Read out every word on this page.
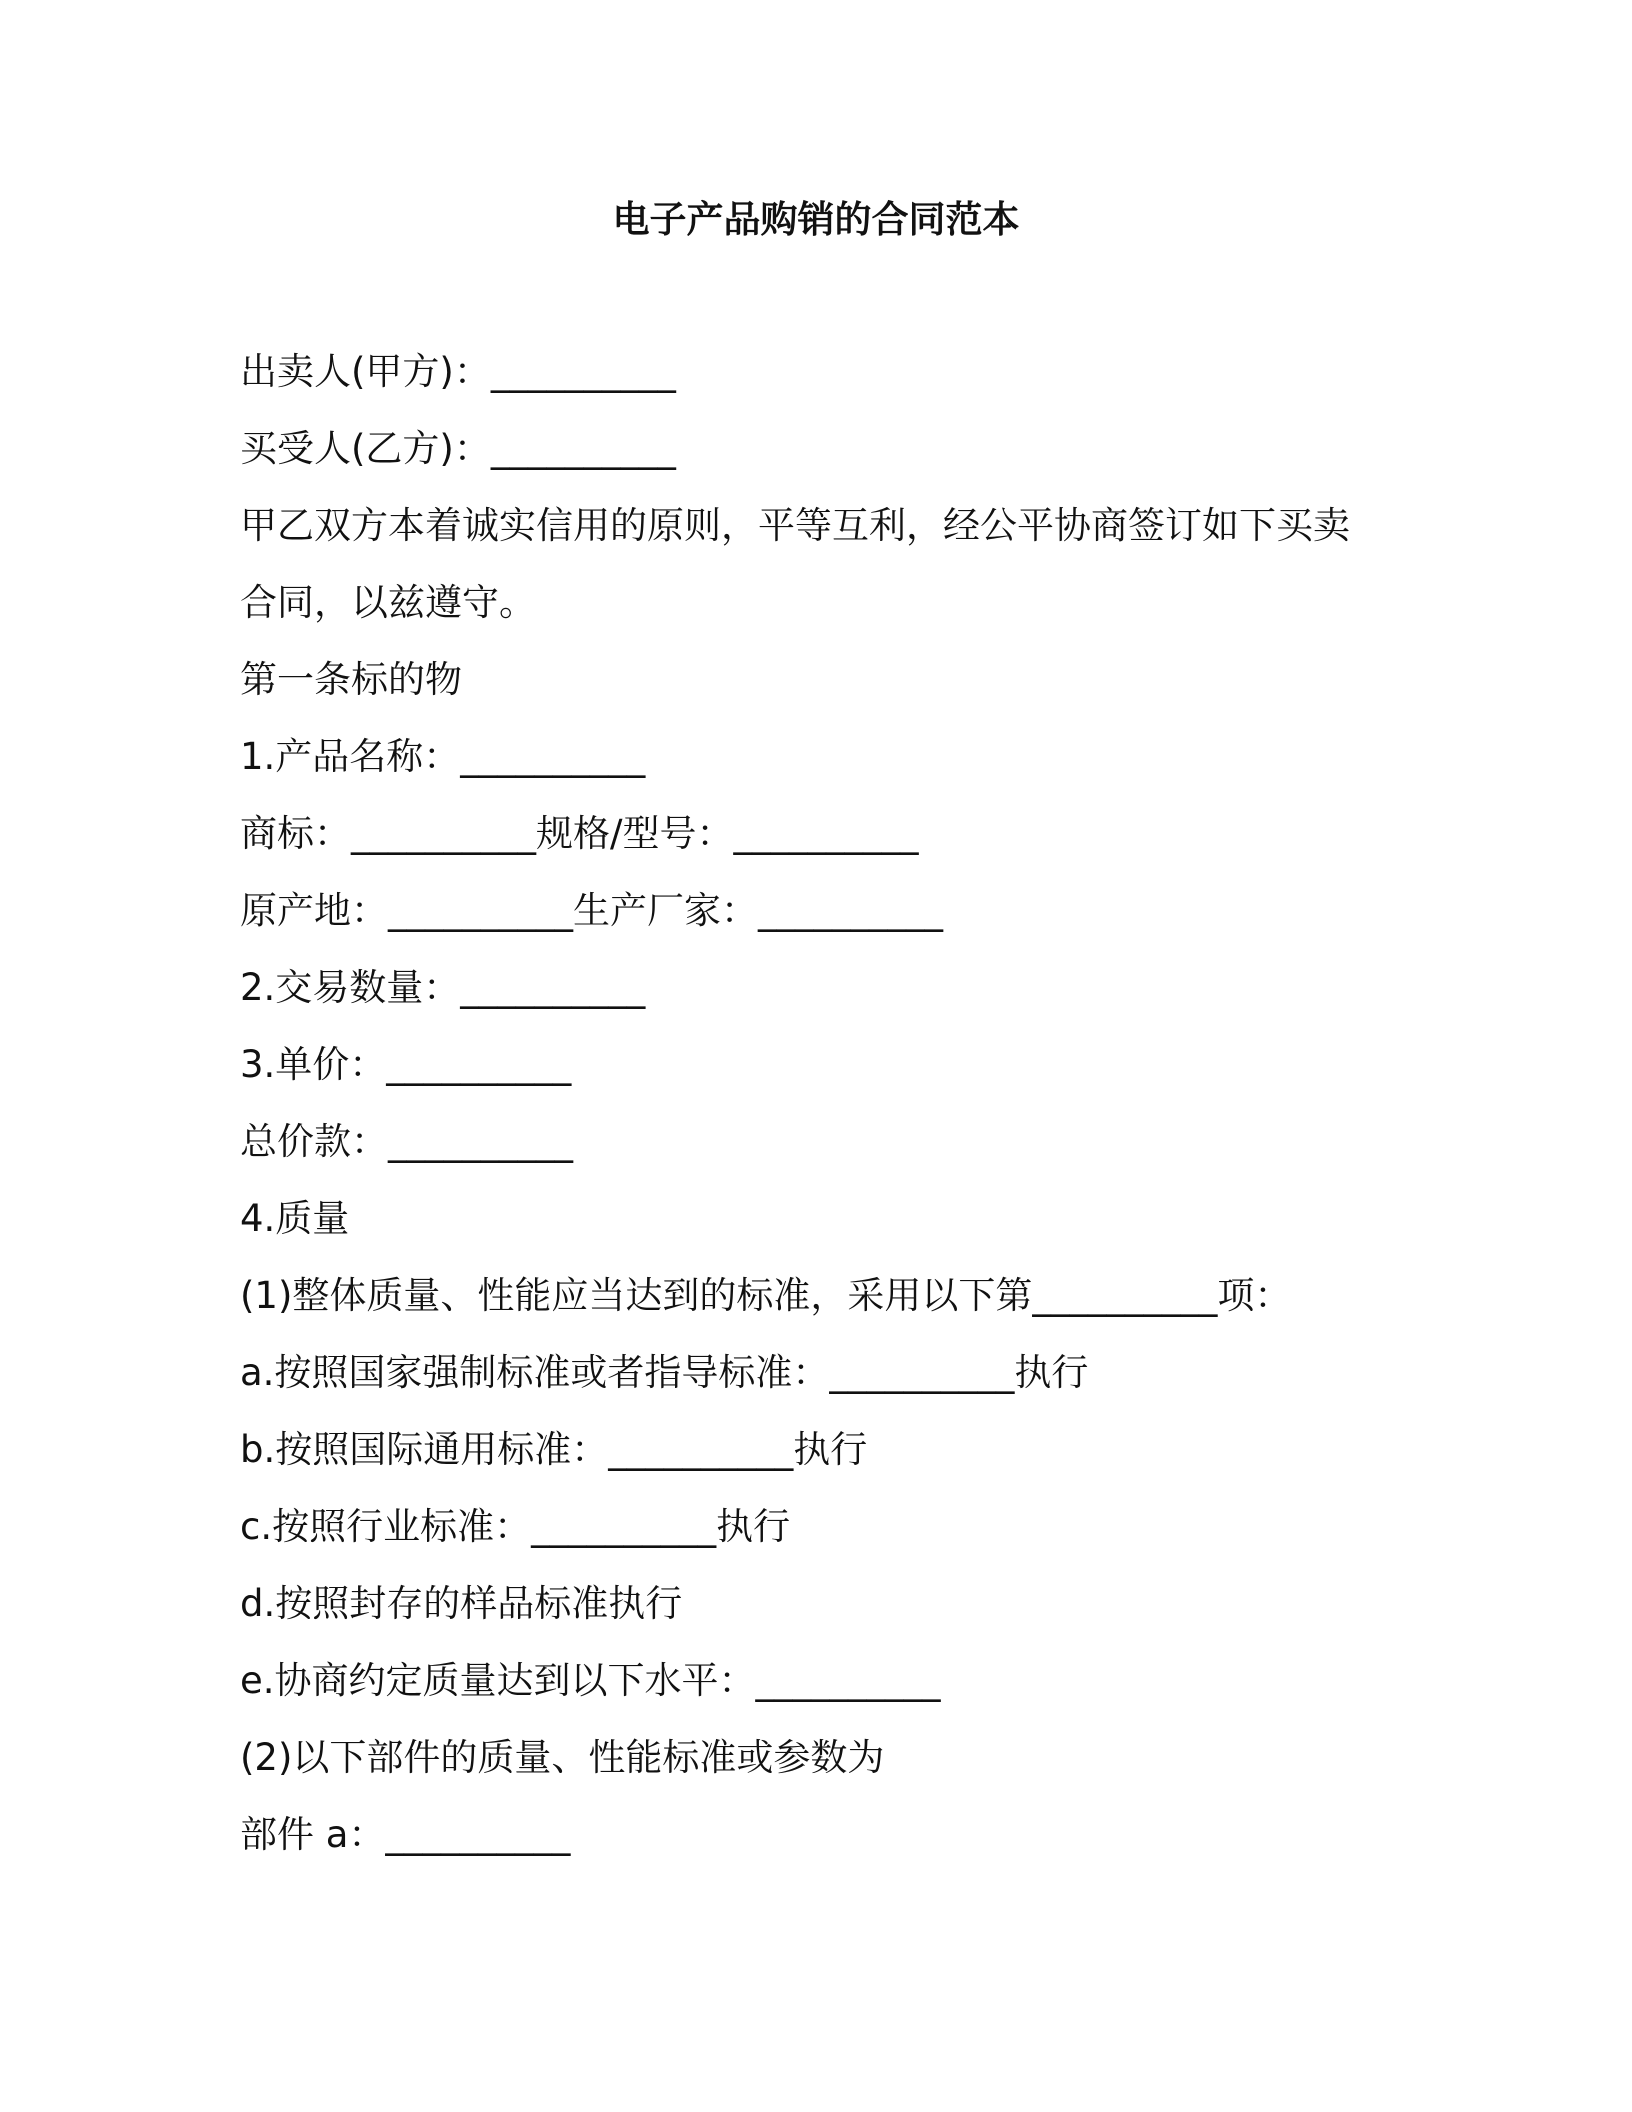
电子产品购销的合同范本
出卖人(甲方)：__________
买受人(乙方)：__________
甲乙双方本着诚实信用的原则，平等互利，经公平协商签订如下买卖
合同，以兹遵守。
第一条标的物
1.产品名称：__________
商标：__________规格/型号：__________
原产地：__________生产厂家：__________
2.交易数量：__________
3.单价：__________
总价款：__________
4.质量
(1)整体质量、性能应当达到的标准，采用以下第__________项：
a.按照国家强制标准或者指导标准：__________执行
b.按照国际通用标准：__________执行
c.按照行业标准：__________执行
d.按照封存的样品标准执行
e.协商约定质量达到以下水平：__________
(2)以下部件的质量、性能标准或参数为
部件 a：__________
